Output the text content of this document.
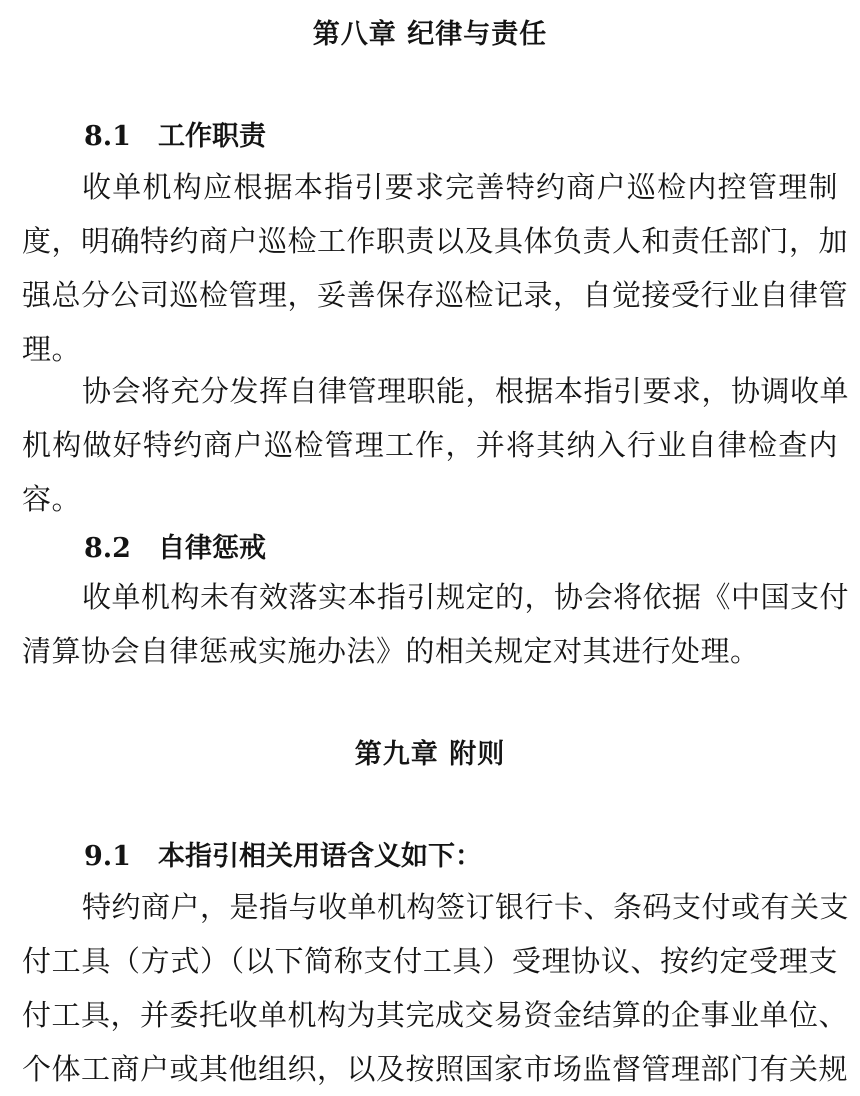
第八章 纪律与责任
8.1 工作职责
收单机构应根据本指引要求完善特约商户巡检内控管理制
度，明确特约商户巡检工作职责以及具体负责人和责任部门，加
强总分公司巡检管理，妥善保存巡检记录，自觉接受行业自律管
理。
协会将充分发挥自律管理职能，根据本指引要求，协调收单
机构做好特约商户巡检管理工作，并将其纳入行业自律检查内
容。
8.2 自律惩戒
收单机构未有效落实本指引规定的，协会将依据《中国支付
清算协会自律惩戒实施办法》的相关规定对其进行处理。
第九章 附则
9.1 本指引相关用语含义如下：
特约商户，是指与收单机构签订银行卡、条码支付或有关支
付工具（方式）（以下简称支付工具）受理协议、按约定受理支
付工具，并委托收单机构为其完成交易资金结算的企事业单位、
个体工商户或其他组织，以及按照国家市场监督管理部门有关规
